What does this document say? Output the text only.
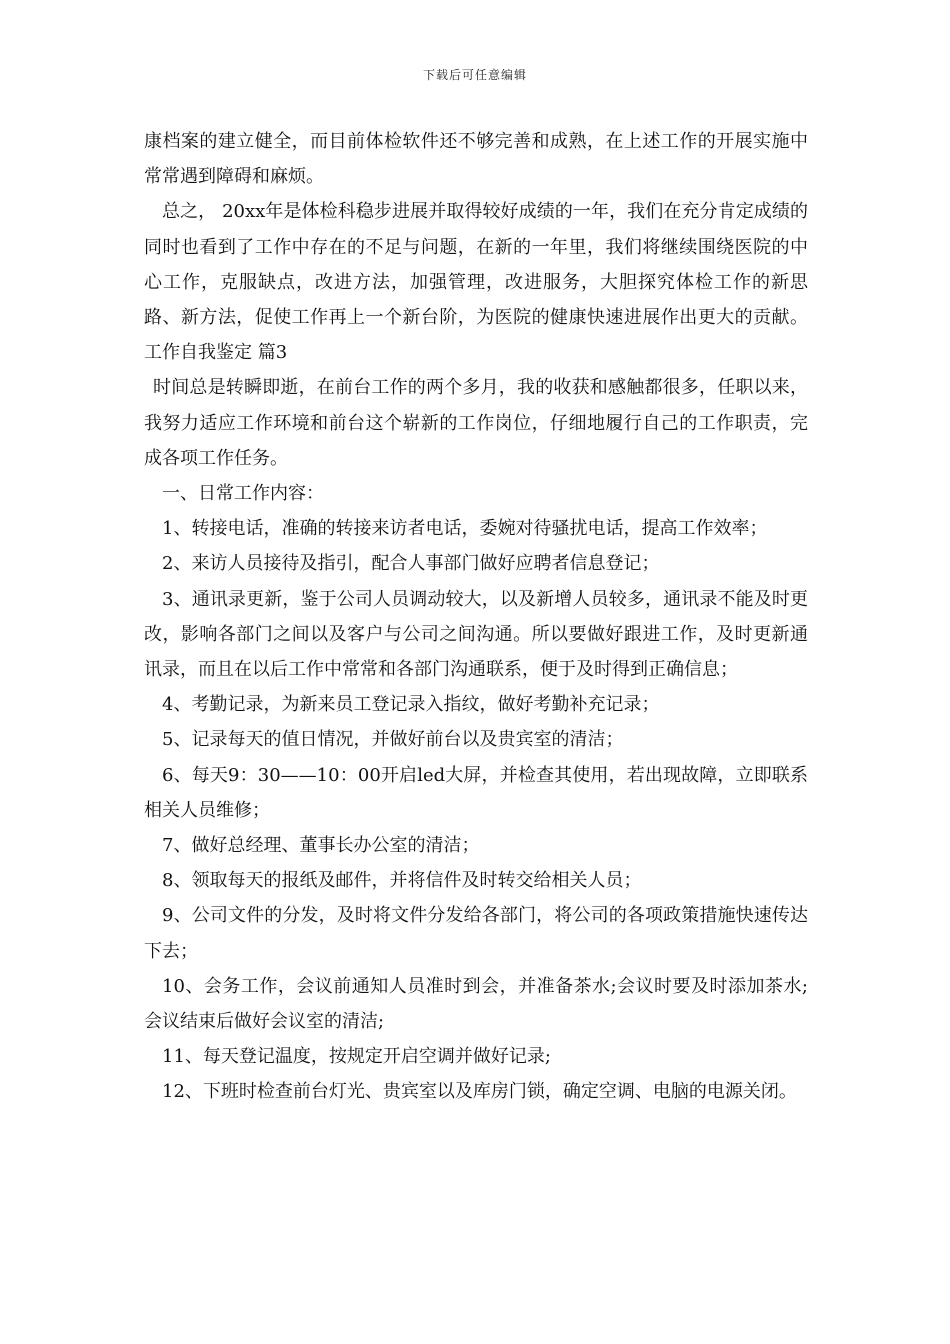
下载后可任意编辑

康档案的建立健全，而目前体检软件还不够完善和成熟，在上述工作的开展实施中常常遇到障碍和麻烦。

总之， 20xx年是体检科稳步进展并取得较好成绩的一年，我们在充分肯定成绩的同时也看到了工作中存在的不足与问题，在新的一年里，我们将继续围绕医院的中心工作，克服缺点，改进方法，加强管理，改进服务，大胆探究体检工作的新思路、新方法，促使工作再上一个新台阶，为医院的健康快速进展作出更大的贡献。工作自我鉴定 篇3

时间总是转瞬即逝，在前台工作的两个多月，我的收获和感触都很多，任职以来，我努力适应工作环境和前台这个崭新的工作岗位，仔细地履行自己的工作职责，完成各项工作任务。

一、日常工作内容：

1、转接电话，准确的转接来访者电话，委婉对待骚扰电话，提高工作效率；

2、来访人员接待及指引，配合人事部门做好应聘者信息登记；

3、通讯录更新，鉴于公司人员调动较大，以及新增人员较多，通讯录不能及时更改，影响各部门之间以及客户与公司之间沟通。所以要做好跟进工作，及时更新通讯录，而且在以后工作中常常和各部门沟通联系，便于及时得到正确信息；

4、考勤记录，为新来员工登记录入指纹，做好考勤补充记录；

5、记录每天的值日情况，并做好前台以及贵宾室的清洁；

6、每天9：30——10：00开启led大屏，并检查其使用，若出现故障，立即联系相关人员维修；

7、做好总经理、董事长办公室的清洁；

8、领取每天的报纸及邮件，并将信件及时转交给相关人员；

9、公司文件的分发，及时将文件分发给各部门，将公司的各项政策措施快速传达下去；

10、会务工作，会议前通知人员准时到会，并准备茶水;会议时要及时添加茶水;会议结束后做好会议室的清洁;

11、每天登记温度，按规定开启空调并做好记录;

12、下班时检查前台灯光、贵宾室以及库房门锁，确定空调、电脑的电源关闭。
